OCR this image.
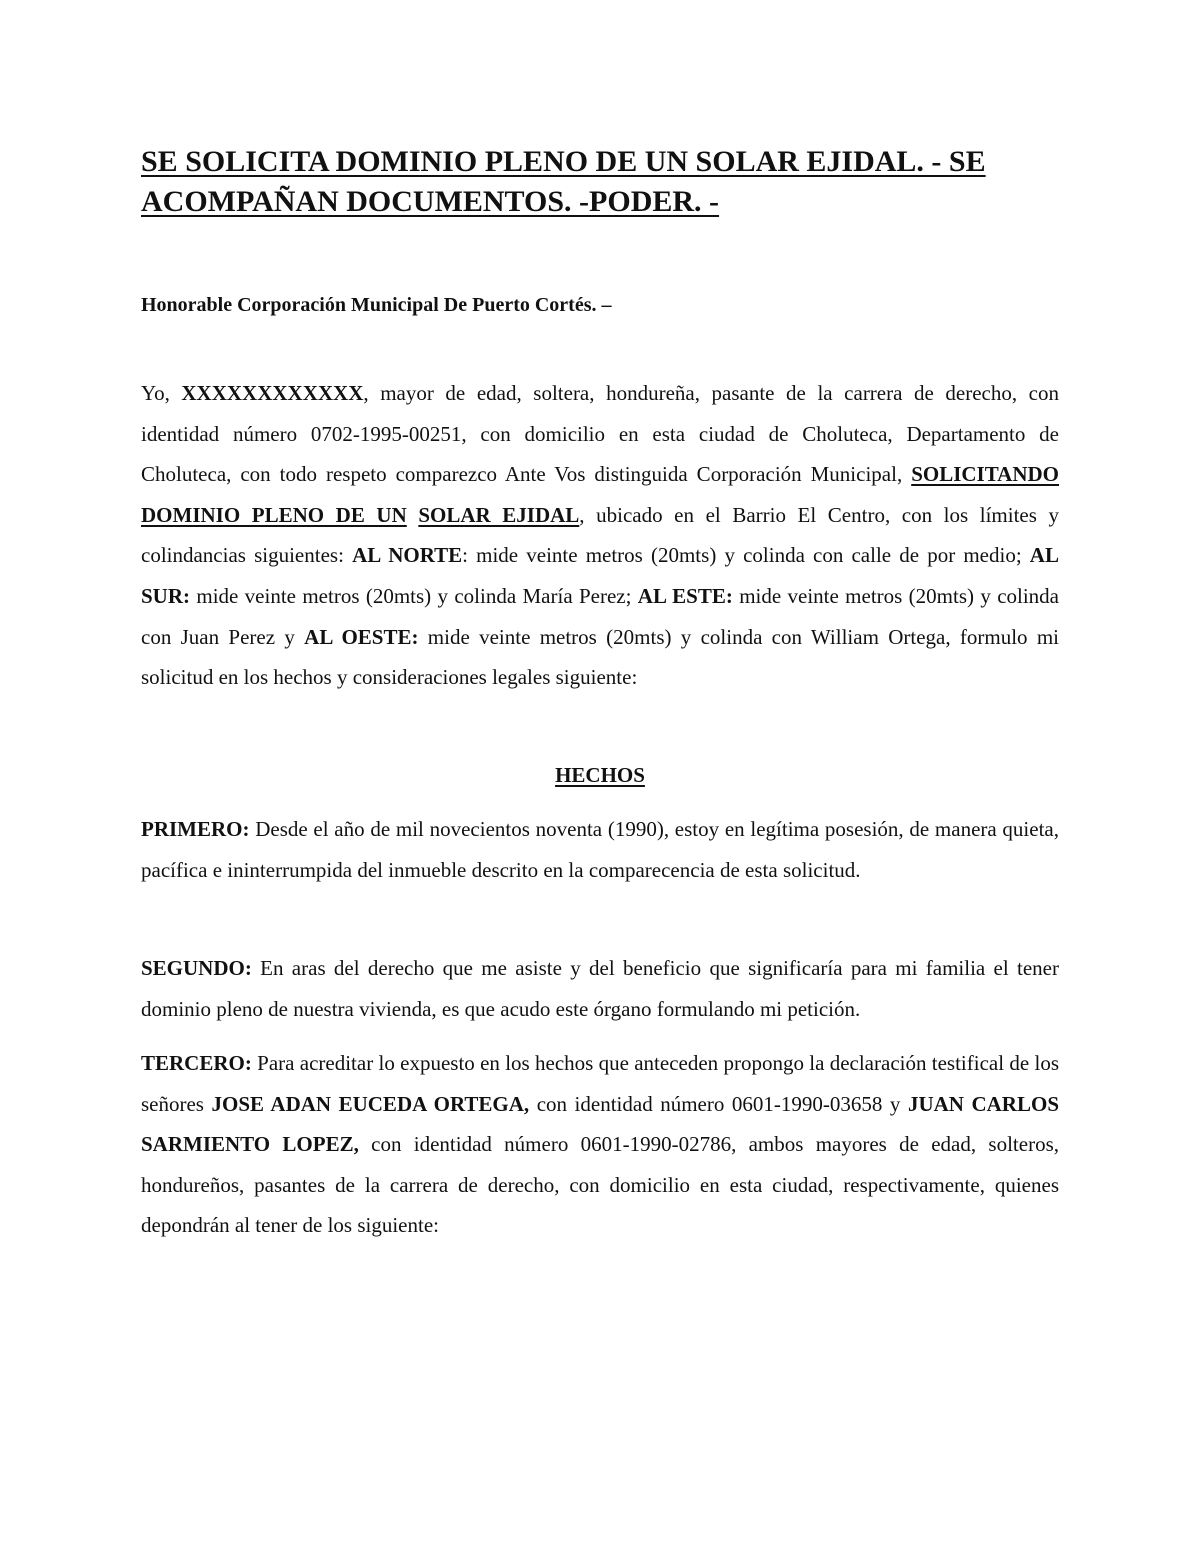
SE SOLICITA DOMINIO PLENO DE UN SOLAR EJIDAL. - SE
ACOMPAÑAN DOCUMENTOS. -PODER. -

Honorable Corporación Municipal De Puerto Cortés. –

Yo, XXXXXXXXXXXX, mayor de edad, soltera, hondureña, pasante de la carrera de derecho, con identidad número 0702-1995-00251, con domicilio en esta ciudad de Choluteca, Departamento de Choluteca, con todo respeto comparezco Ante Vos distinguida Corporación Municipal, SOLICITANDO DOMINIO PLENO DE UN SOLAR EJIDAL, ubicado en el Barrio El Centro, con los límites y colindancias siguientes: AL NORTE: mide veinte metros (20mts) y colinda con calle de por medio; AL SUR: mide veinte metros (20mts) y colinda María Perez; AL ESTE: mide veinte metros (20mts) y colinda con Juan Perez y AL OESTE: mide veinte metros (20mts) y colinda con William Ortega, formulo mi solicitud en los hechos y consideraciones legales siguiente:

HECHOS

PRIMERO: Desde el año de mil novecientos noventa (1990), estoy en legítima posesión, de manera quieta, pacífica e ininterrumpida del inmueble descrito en la comparecencia de esta solicitud.

SEGUNDO: En aras del derecho que me asiste y del beneficio que significaría para mi familia el tener dominio pleno de nuestra vivienda, es que acudo este órgano formulando mi petición.

TERCERO: Para acreditar lo expuesto en los hechos que anteceden propongo la declaración testifical de los señores JOSE ADAN EUCEDA ORTEGA, con identidad número 0601-1990-03658 y JUAN CARLOS SARMIENTO LOPEZ, con identidad número 0601-1990-02786, ambos mayores de edad, solteros, hondureños, pasantes de la carrera de derecho, con domicilio en esta ciudad, respectivamente, quienes depondrán al tener de los siguiente:
